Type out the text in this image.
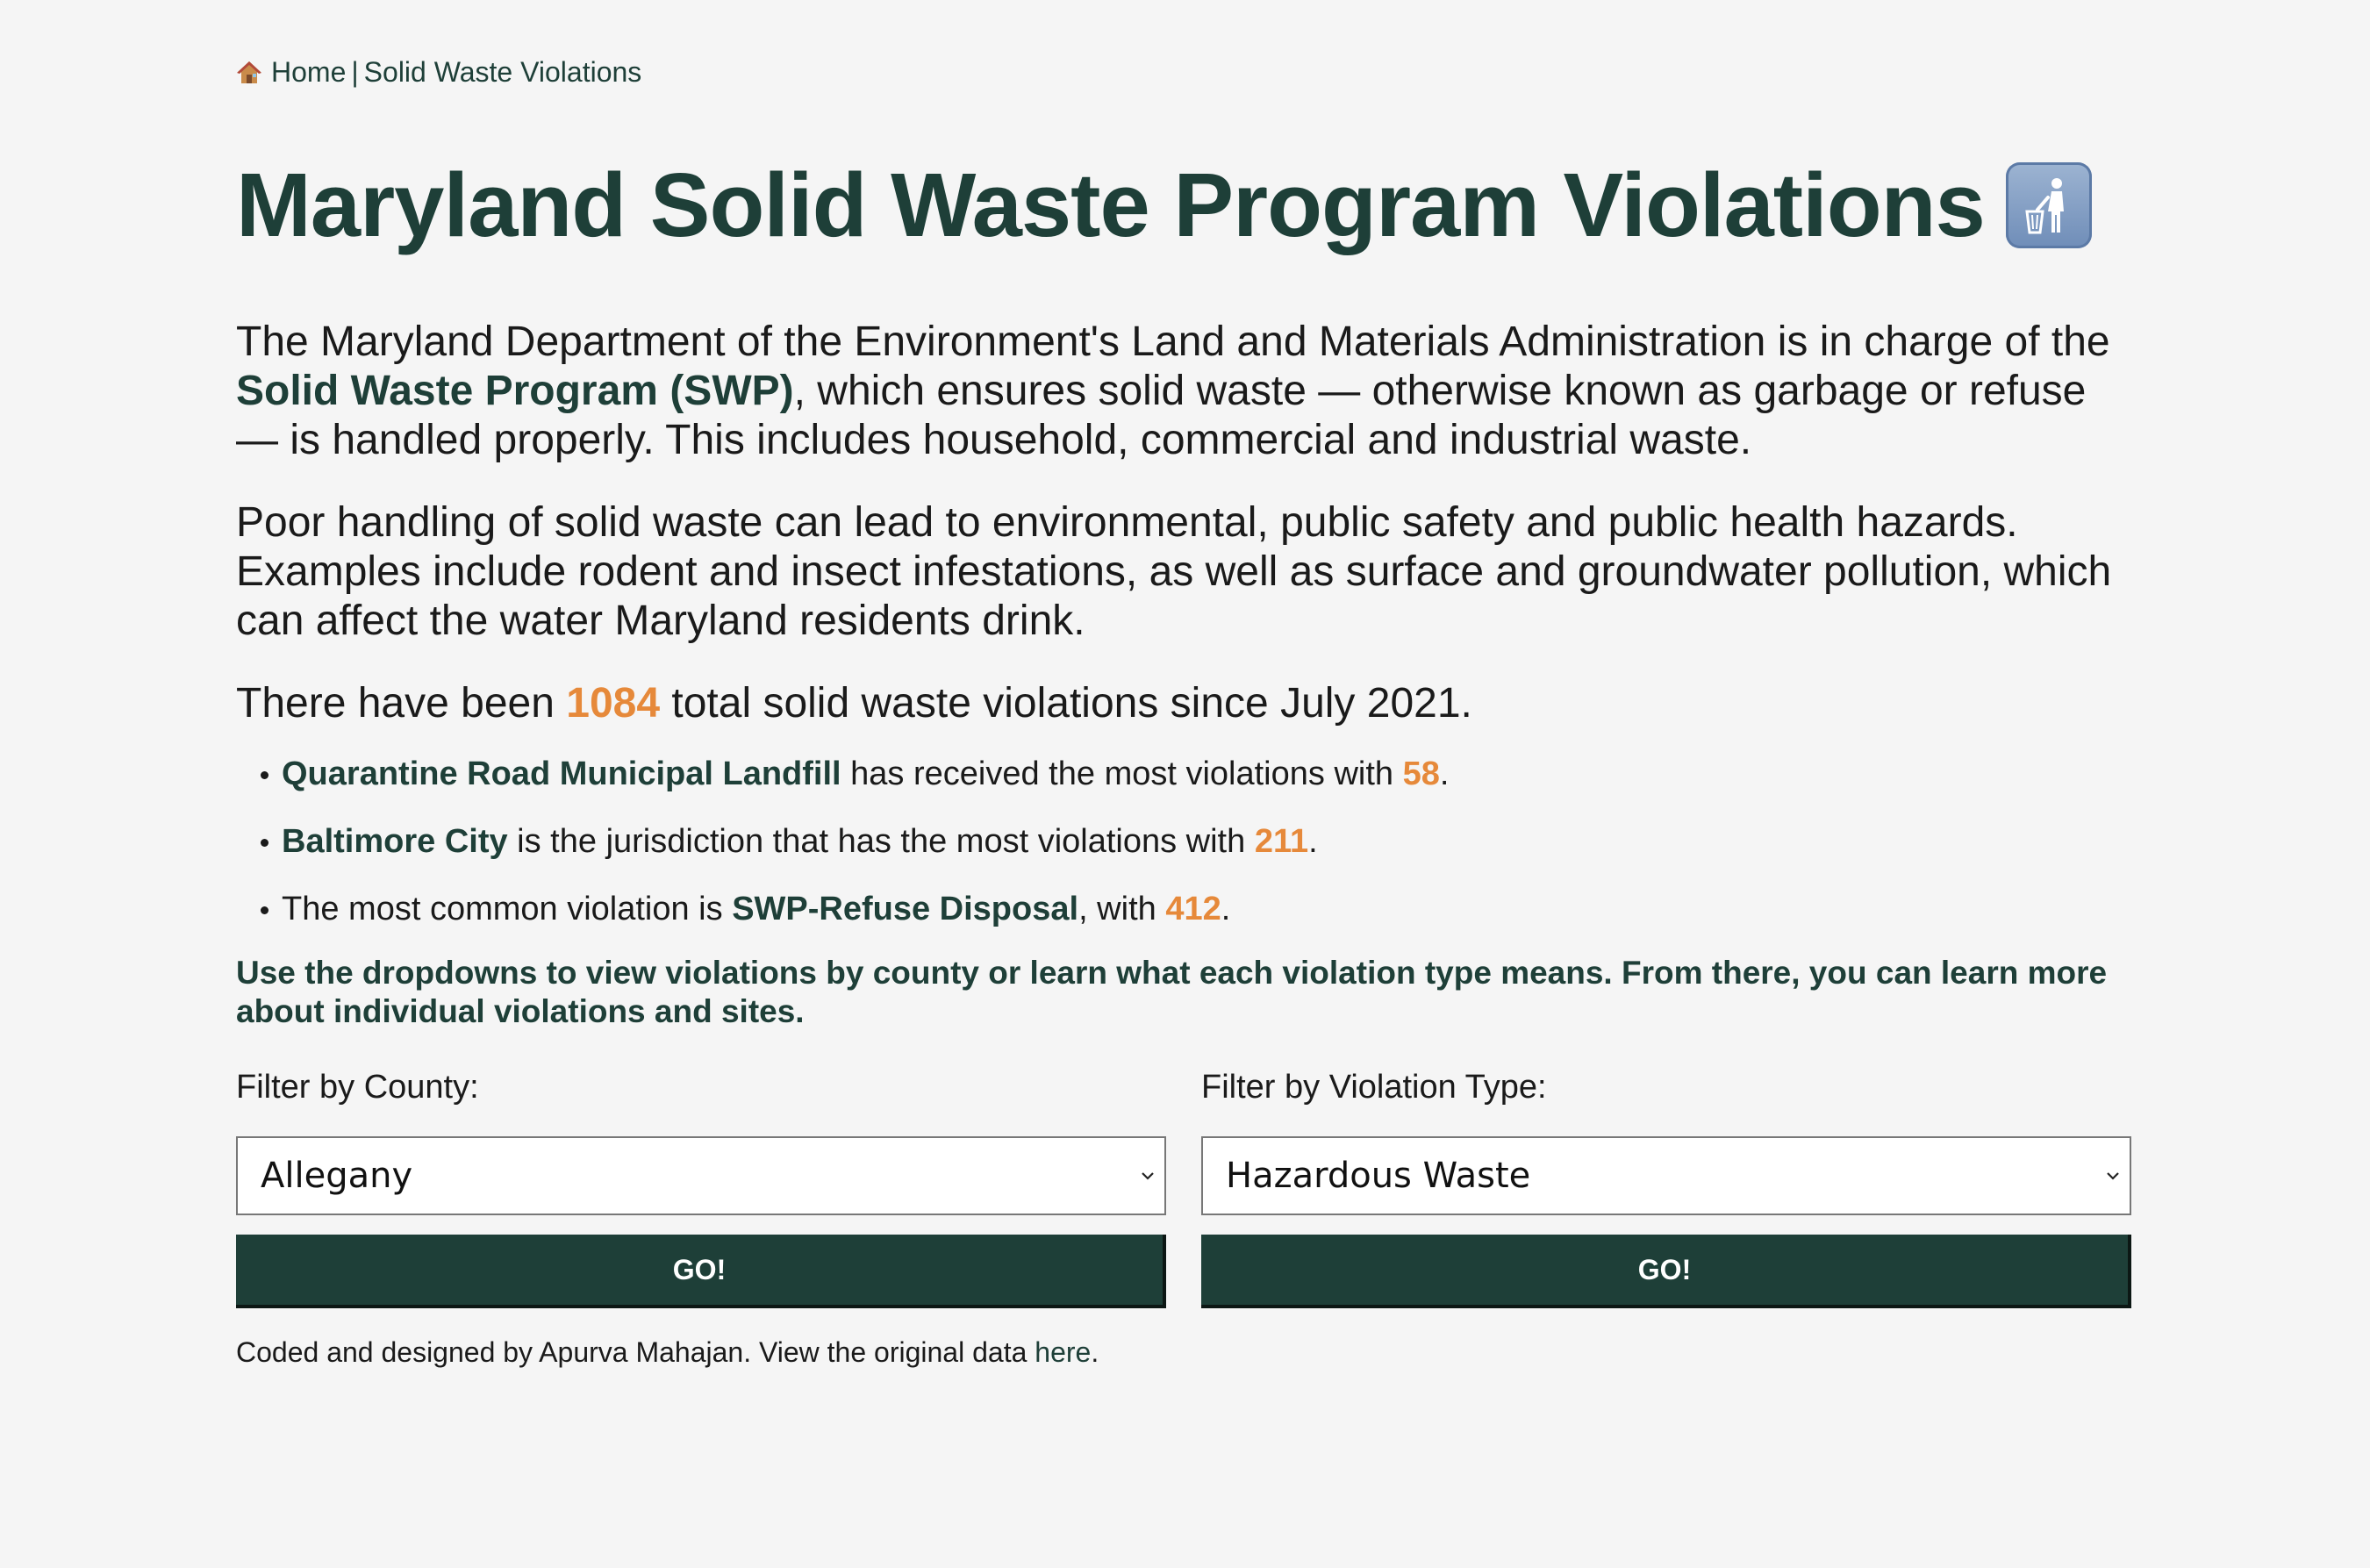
Home | Solid Waste Violations
Maryland Solid Waste Program Violations

The Maryland Department of the Environment's Land and Materials Administration is in charge of the Solid Waste Program (SWP), which ensures solid waste — otherwise known as garbage or refuse — is handled properly. This includes household, commercial and industrial waste.

Poor handling of solid waste can lead to environmental, public safety and public health hazards. Examples include rodent and insect infestations, as well as surface and groundwater pollution, which can affect the water Maryland residents drink.

There have been 1084 total solid waste violations since July 2021.

Quarantine Road Municipal Landfill has received the most violations with 58.
Baltimore City is the jurisdiction that has the most violations with 211.
The most common violation is SWP-Refuse Disposal, with 412.
Use the dropdowns to view violations by county or learn what each violation type means. From there, you can learn more about individual violations and sites.
Filter by County:
Allegany
GO!
Filter by Violation Type:
Hazardous Waste
GO!
Coded and designed by Apurva Mahajan. View the original data here.
